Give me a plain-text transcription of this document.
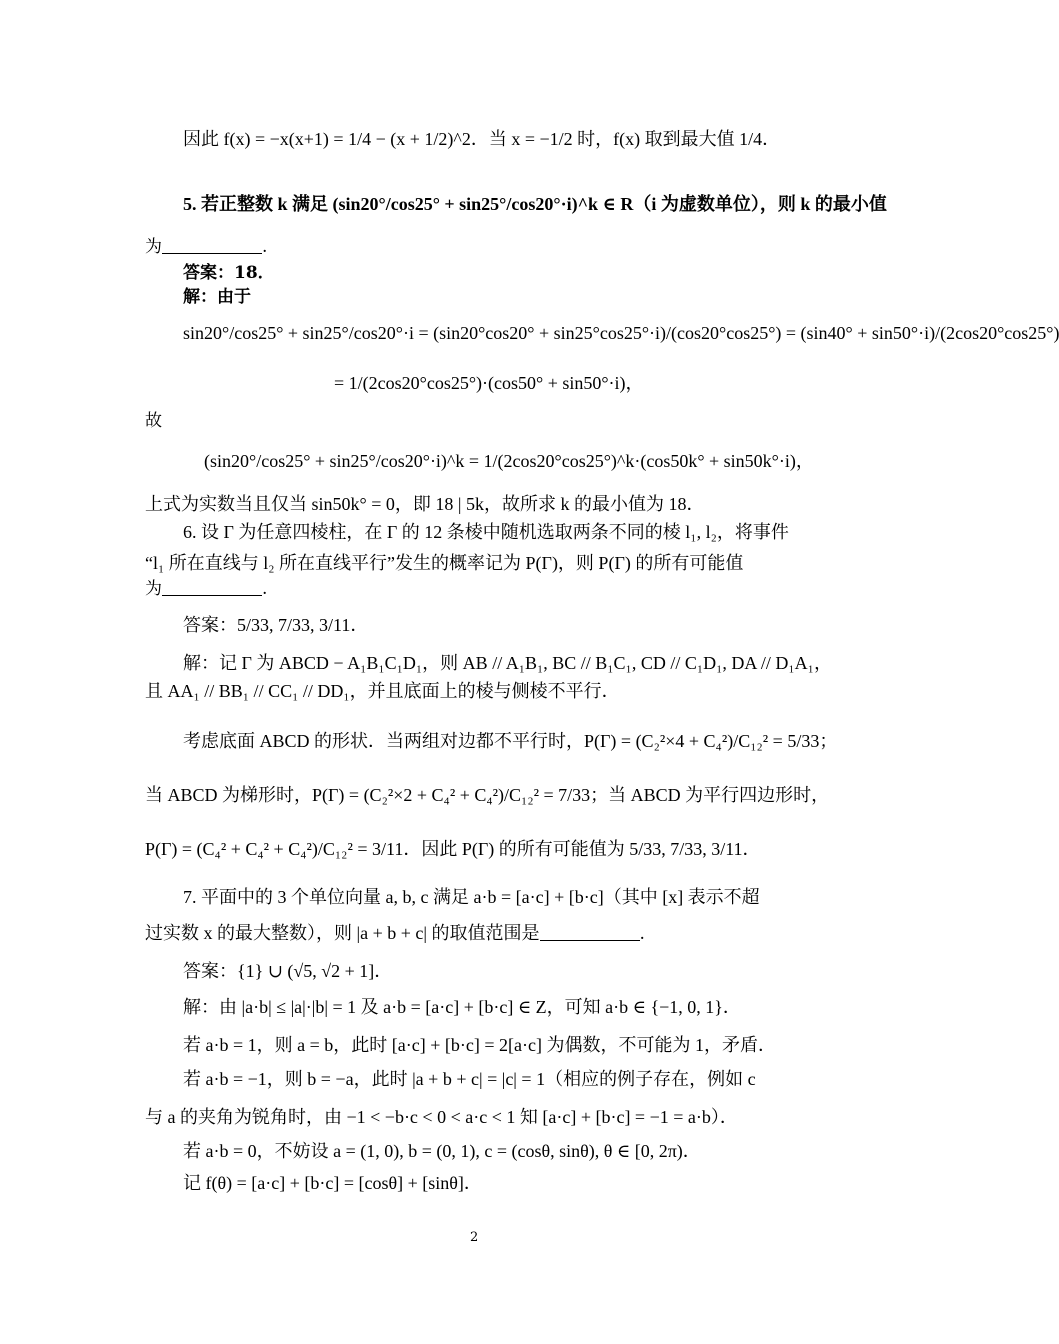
因此 f(x) = −x(x+1) = 1/4 − (x + 1/2)^2．当 x = −1/2 时，f(x) 取到最大值 1/4．
5. 若正整数 k 满足 (sin20°/cos25° + sin25°/cos20°·i)^k ∈ R（i 为虚数单位），则 k 的最小值
为	.
答案：18．
解：由于
sin20°/cos25° + sin25°/cos20°·i = (sin20°cos20° + sin25°cos25°·i)/(cos20°cos25°) = (sin40° + sin50°·i)/(2cos20°cos25°)
= 1/(2cos20°cos25°)·(cos50° + sin50°·i)，
故
(sin20°/cos25° + sin25°/cos20°·i)^k = 1/(2cos20°cos25°)^k·(cos50k° + sin50k°·i)，
上式为实数当且仅当 sin50k° = 0，即 18 | 5k，故所求 k 的最小值为 18．
6. 设 Γ 为任意四棱柱，在 Γ 的 12 条棱中随机选取两条不同的棱 l₁, l₂，将事件
“l₁ 所在直线与 l₂ 所在直线平行”发生的概率记为 P(Γ)，则 P(Γ) 的所有可能值
为	.
答案：5/33, 7/33, 3/11．
解：记 Γ 为 ABCD − A₁B₁C₁D₁，则 AB // A₁B₁, BC // B₁C₁, CD // C₁D₁, DA // D₁A₁，
且 AA₁ // BB₁ // CC₁ // DD₁，并且底面上的棱与侧棱不平行．
考虑底面 ABCD 的形状．当两组对边都不平行时，P(Γ) = (C₂²×4 + C₄²)/C₁₂² = 5/33；
当 ABCD 为梯形时，P(Γ) = (C₂²×2 + C₄² + C₄²)/C₁₂² = 7/33；当 ABCD 为平行四边形时，
P(Γ) = (C₄² + C₄² + C₄²)/C₁₂² = 3/11．因此 P(Γ) 的所有可能值为 5/33, 7/33, 3/11．
7. 平面中的 3 个单位向量 a, b, c 满足 a·b = [a·c] + [b·c]（其中 [x] 表示不超
过实数 x 的最大整数），则 |a + b + c| 的取值范围是	.
答案：{1} ∪ (√5, √2 + 1]．
解：由 |a·b| ≤ |a|·|b| = 1 及 a·b = [a·c] + [b·c] ∈ Z，可知 a·b ∈ {−1, 0, 1}．
若 a·b = 1，则 a = b，此时 [a·c] + [b·c] = 2[a·c] 为偶数，不可能为 1，矛盾．
若 a·b = −1，则 b = −a，此时 |a + b + c| = |c| = 1（相应的例子存在，例如 c
与 a 的夹角为锐角时，由 −1 < −b·c < 0 < a·c < 1 知 [a·c] + [b·c] = −1 = a·b）．
若 a·b = 0，不妨设 a = (1, 0), b = (0, 1), c = (cosθ, sinθ), θ ∈ [0, 2π)．
记 f(θ) = [a·c] + [b·c] = [cosθ] + [sinθ]．
2
